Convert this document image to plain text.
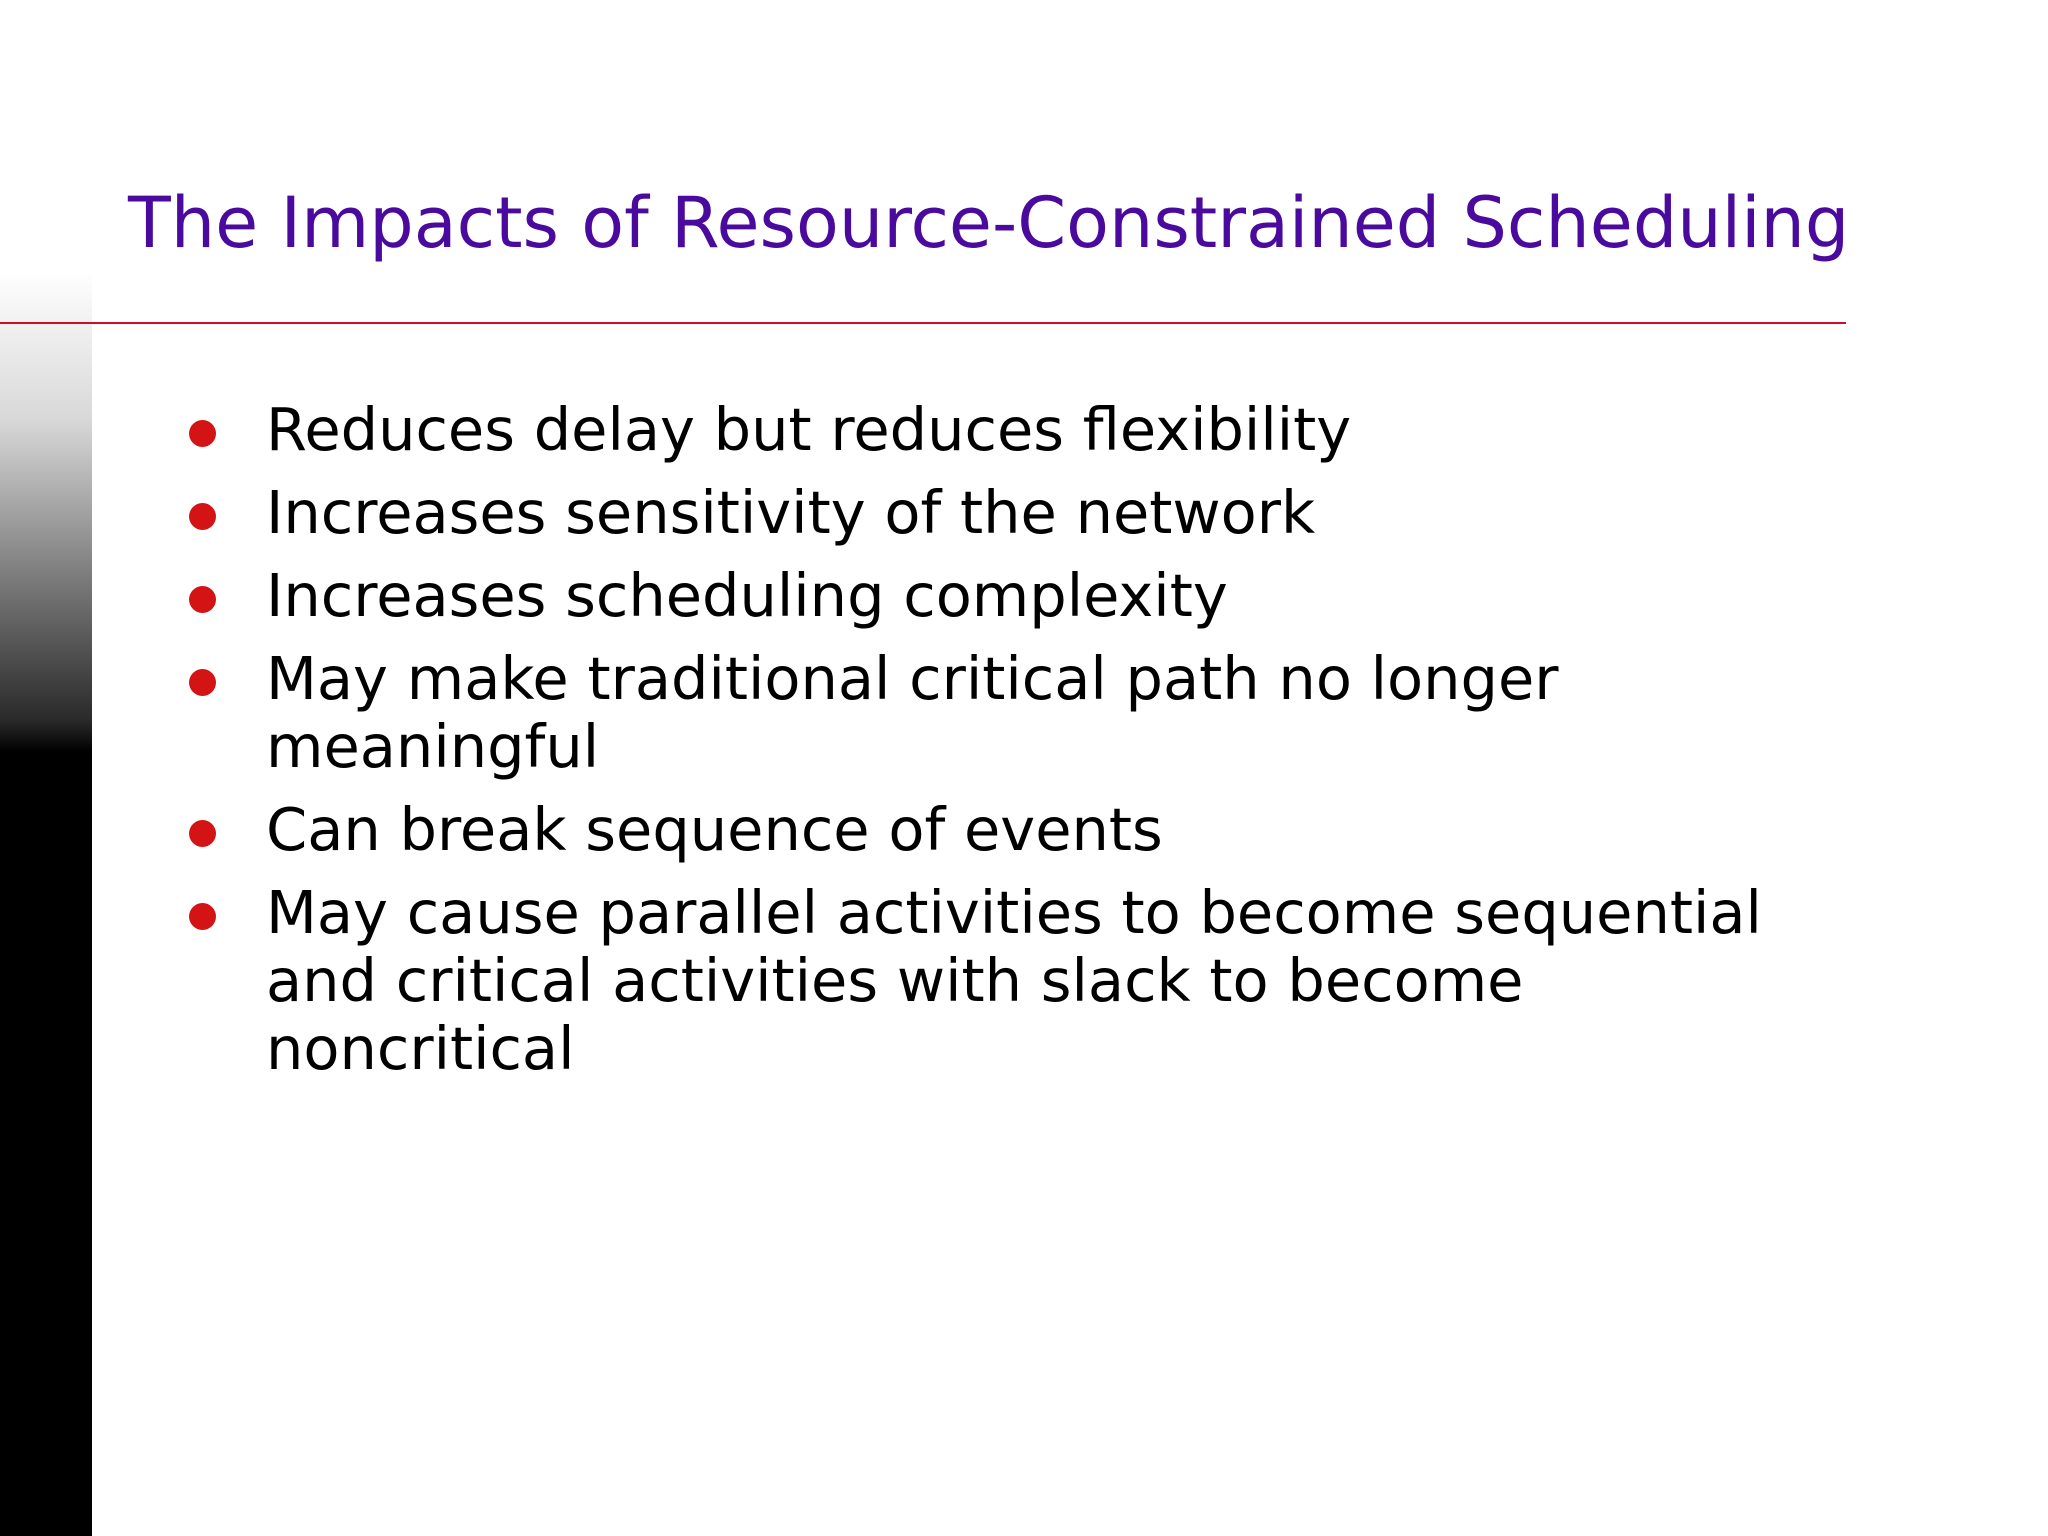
The Impacts of Resource-Constrained Scheduling
Reduces delay but reduces flexibility
Increases sensitivity of the network
Increases scheduling complexity
May make traditional critical path no longer meaningful
Can break sequence of events
May cause parallel activities to become sequential and critical activities with slack to become noncritical
